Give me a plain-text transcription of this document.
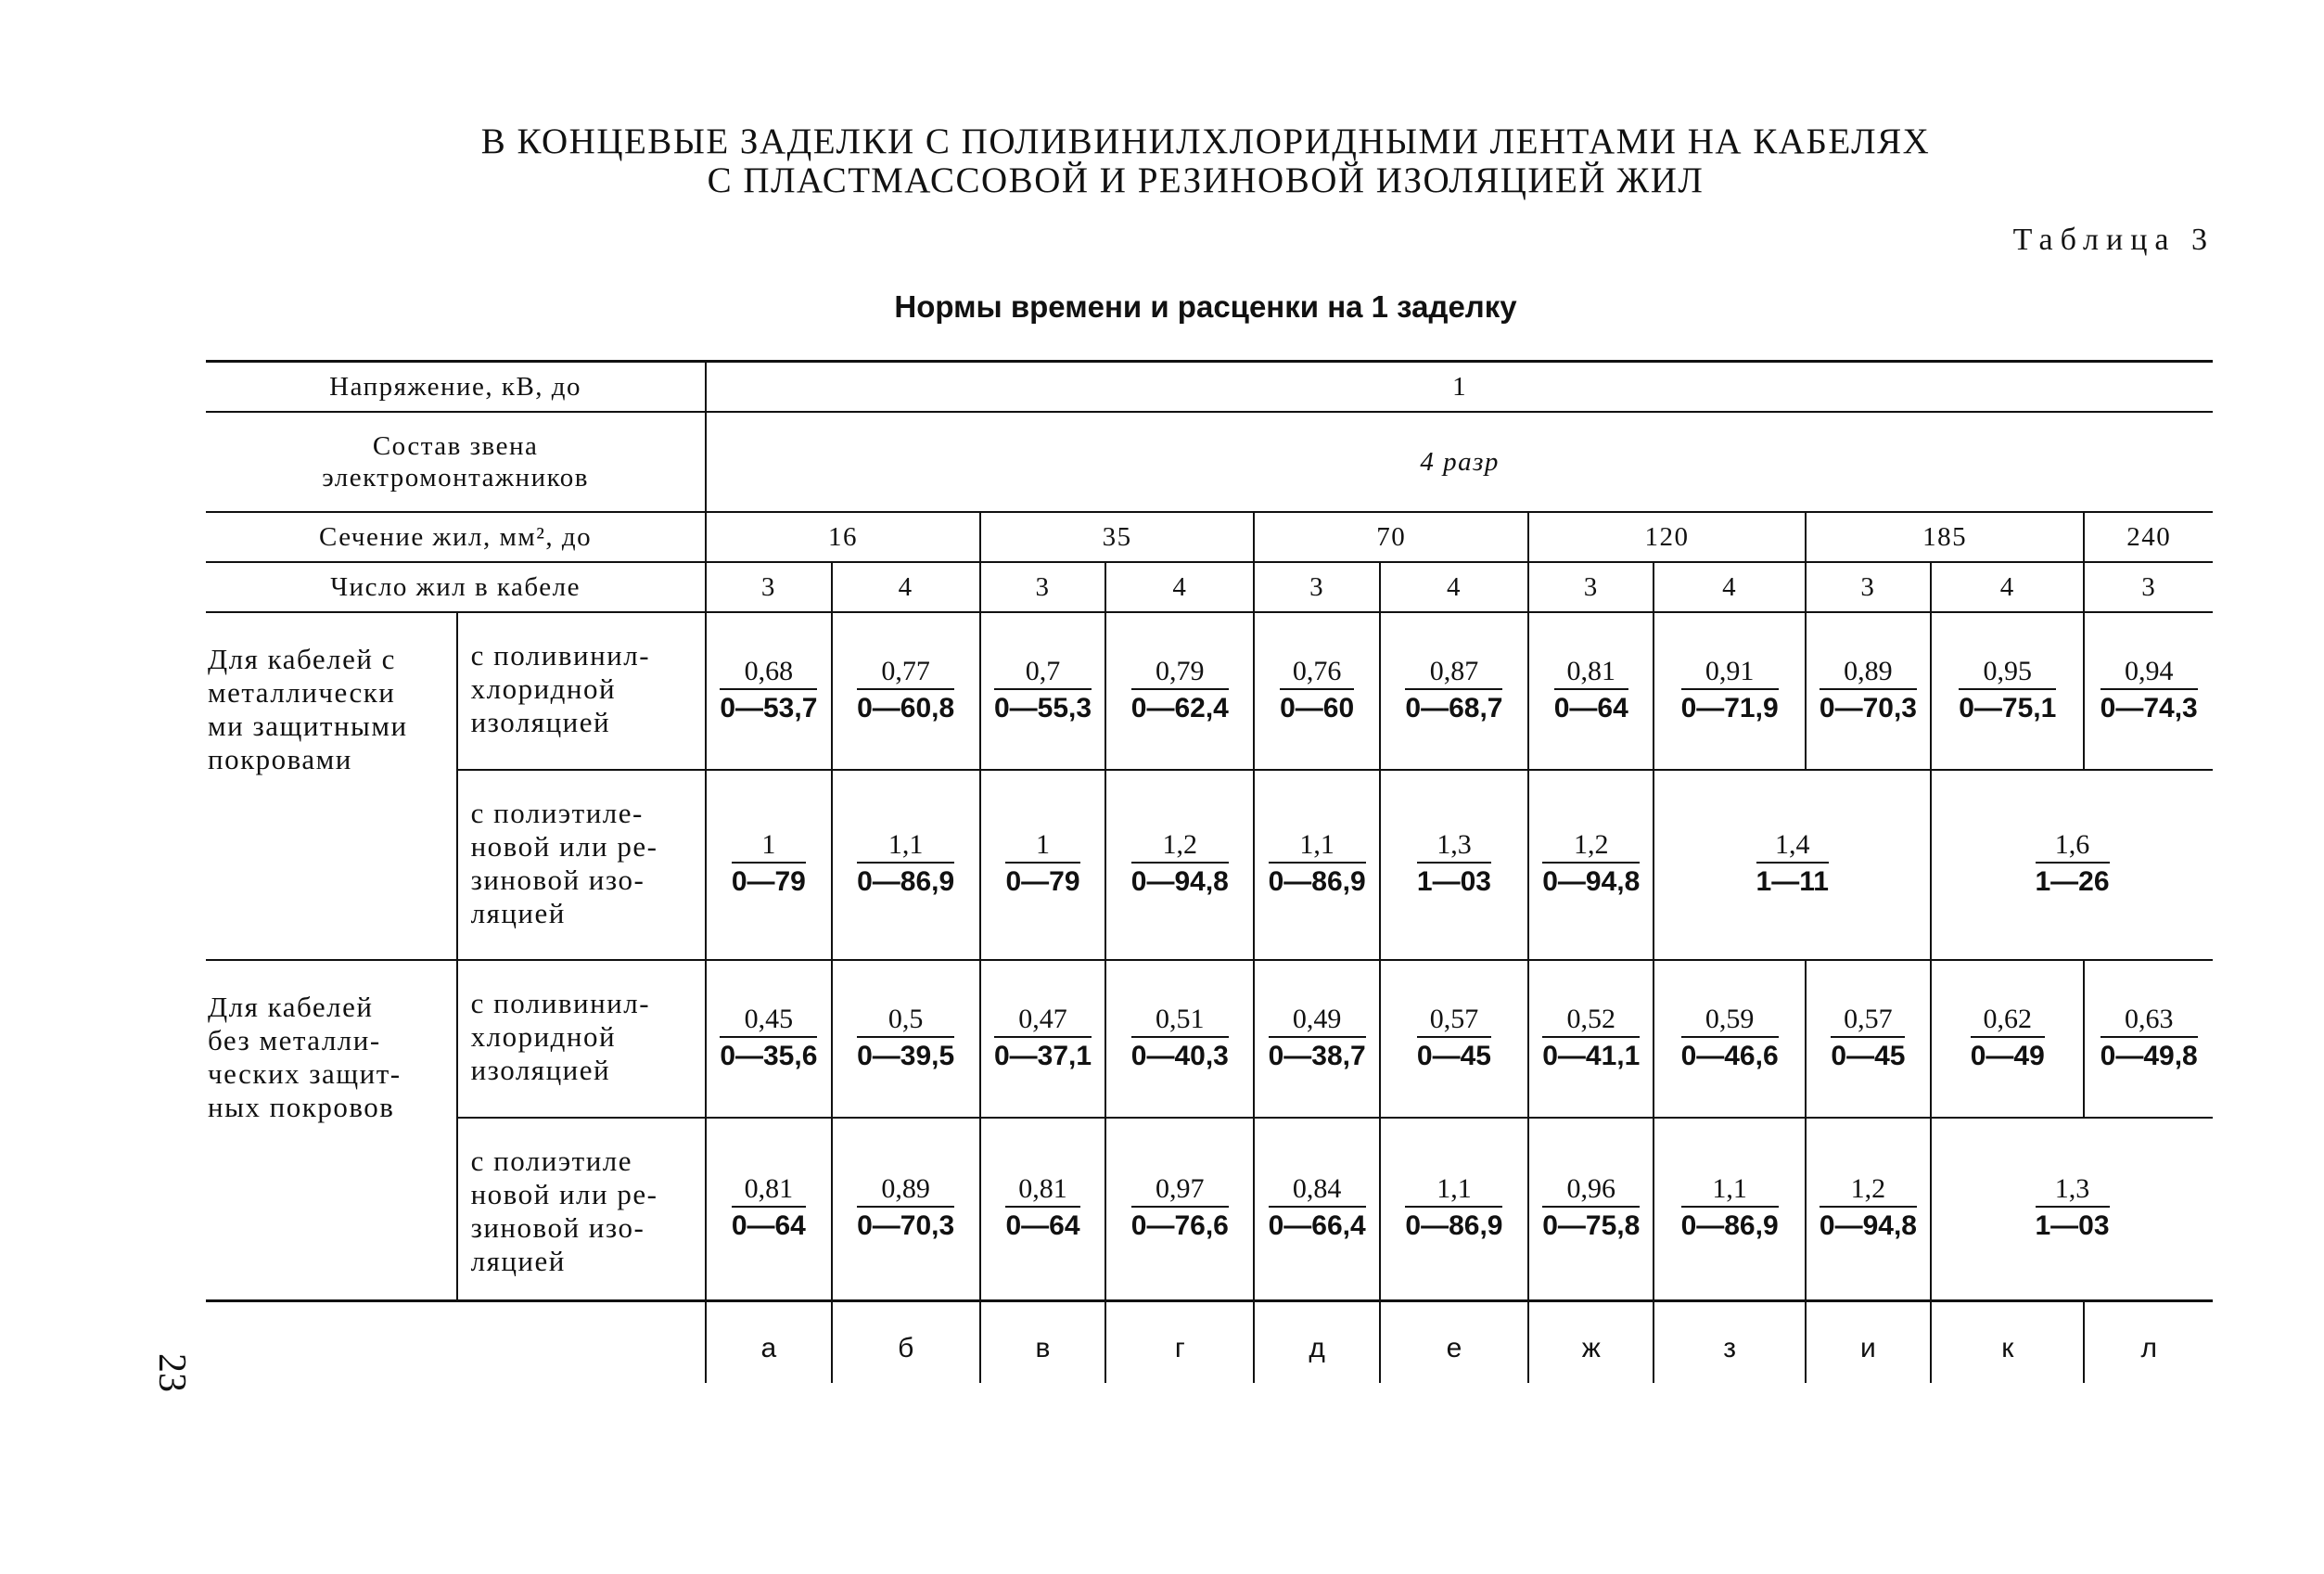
В КОНЦЕВЫЕ ЗАДЕЛКИ С ПОЛИВИНИЛХЛОРИДНЫМИ ЛЕНТАМИ НА КАБЕЛЯХ
С ПЛАСТМАССОВОЙ И РЕЗИНОВОЙ ИЗОЛЯЦИЕЙ ЖИЛ
Таблица 3
Нормы времени и расценки на 1 заделку
23
Напряжение, кВ, до		1										
Состав звена
электромонтажников		4 разр										
Сечение жил, мм², до		16		35		70		120		185		240
Число жил в кабеле		3	4	3	4	3	4	3	4	3	4	3
Для кабелей с
металлически
ми защитными
покровами	с поливинил-
хлоридной
изоляцией	$\frac{0,68}{0—53,7}$	$\frac{0,77}{0—60,8}$	$\frac{0,7}{0—55,3}$	$\frac{0,79}{0—62,4}$	$\frac{0,76}{0—60}$	$\frac{0,87}{0—68,7}$	$\frac{0,81}{0—64}$	$\frac{0,91}{0—71,9}$	$\frac{0,89}{0—70,3}$	$\frac{0,95}{0—75,1}$	$\frac{0,94}{0—74,3}$

	с полиэтиле-
новой или ре-
зиновой изо-
ляцией	$\frac{1}{0—79}$	$\frac{1,1}{0—86,9}$	$\frac{1}{0—79}$	$\frac{1,2}{0—94,8}$	$\frac{1,1}{0—86,9}$	$\frac{1,3}{1—03}$	$\frac{1,2}{0—94,8}$	$\frac{1,4}{1—11}$		$\frac{1,6}{1—26}$

Для кабелей
без металли-
ческих защит-
ных покровов	с поливинил-
хлоридной
изоляцией	$\frac{0,45}{0—35,6}$	$\frac{0,5}{0—39,5}$	$\frac{0,47}{0—37,1}$	$\frac{0,51}{0—40,3}$	$\frac{0,49}{0—38,7}$	$\frac{0,57}{0—45}$	$\frac{0,52}{0—41,1}$	$\frac{0,59}{0—46,6}$	$\frac{0,57}{0—45}$	$\frac{0,62}{0—49}$	$\frac{0,63}{0—49,8}$

	с полиэтиле
новой или ре-
зиновой изо-
ляцией	$\frac{0,81}{0—64}$	$\frac{0,89}{0—70,3}$	$\frac{0,81}{0—64}$	$\frac{0,97}{0—76,6}$	$\frac{0,84}{0—66,4}$	$\frac{1,1}{0—86,9}$	$\frac{0,96}{0—75,8}$	$\frac{1,1}{0—86,9}$	$\frac{1,2}{0—94,8}$	$\frac{1,3}{1—03}$

		а	б	в	г	д	е	ж	з	и	к	л
